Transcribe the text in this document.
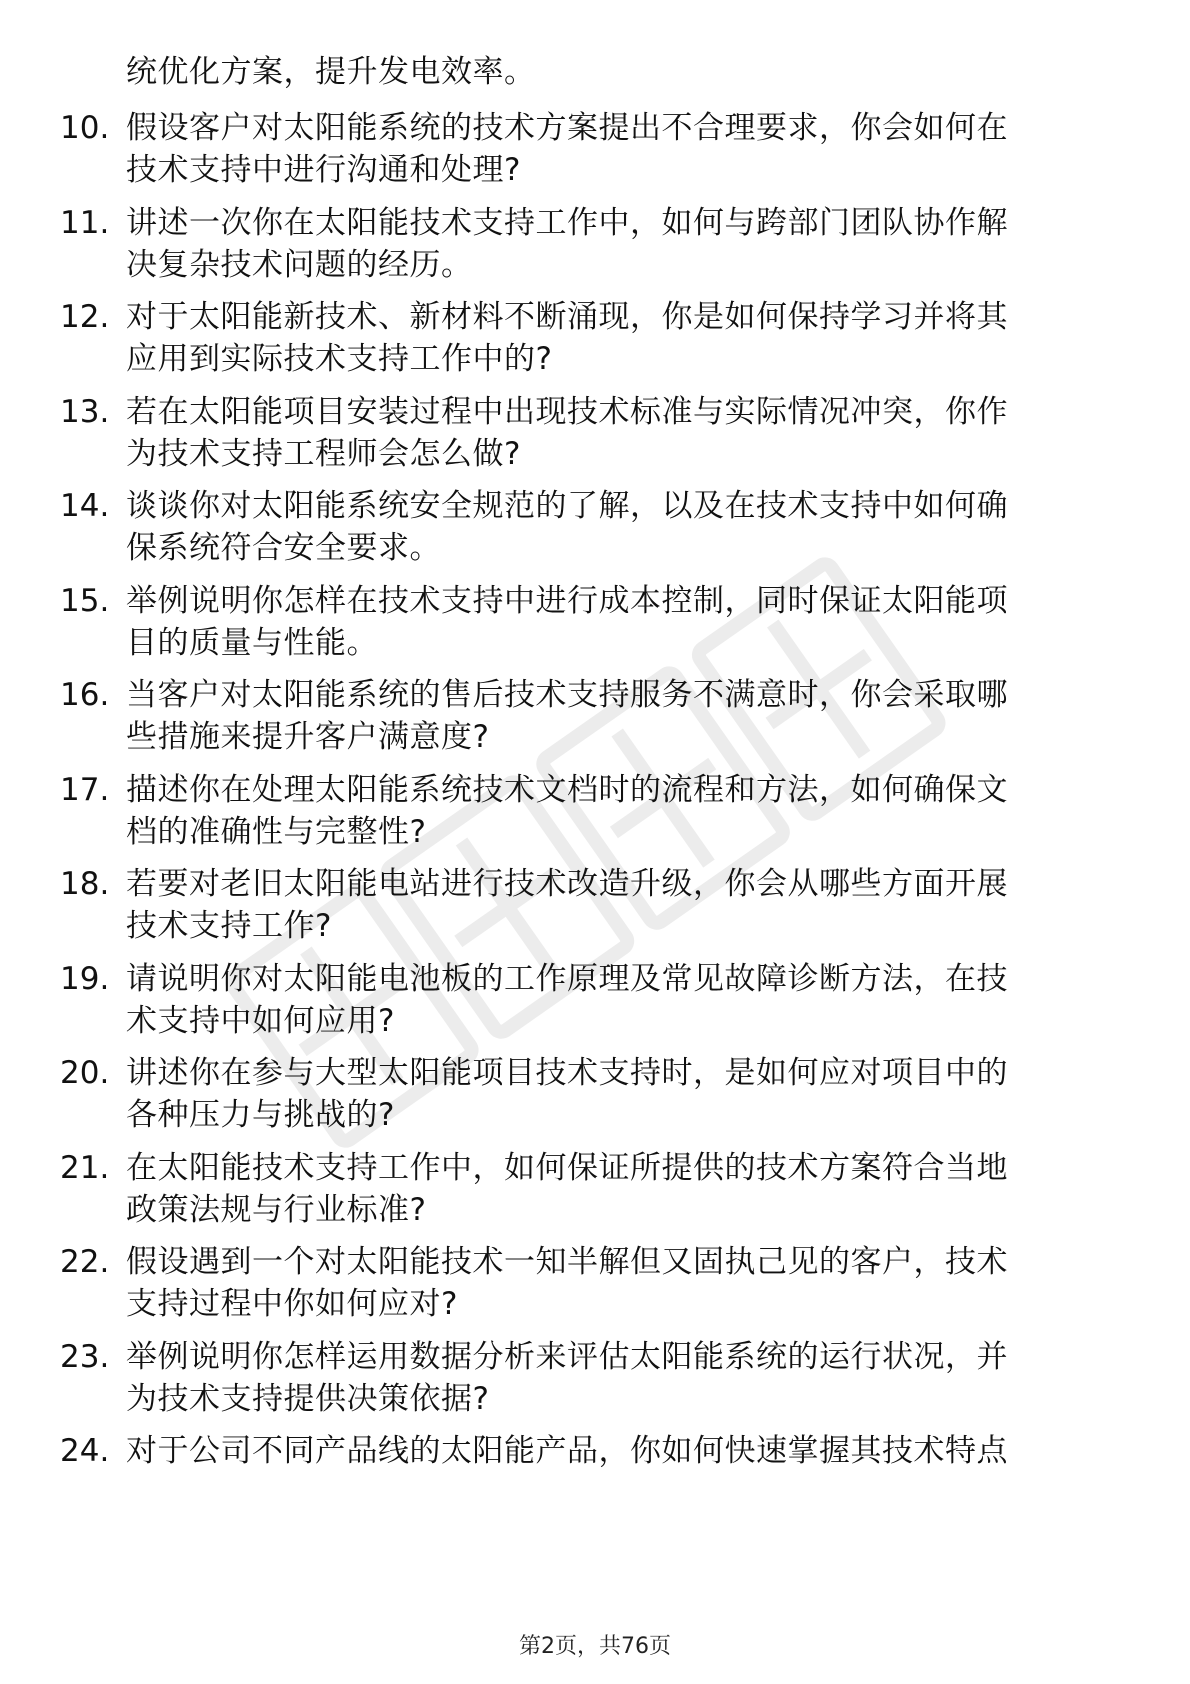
统优化方案，提升发电效率。
10. 假设客户对太阳能系统的技术方案提出不合理要求，你会如何在
技术支持中进行沟通和处理?
11. 讲述一次你在太阳能技术支持工作中，如何与跨部门团队协作解
决复杂技术问题的经历。
12. 对于太阳能新技术、新材料不断涌现，你是如何保持学习并将其
应用到实际技术支持工作中的?
13. 若在太阳能项目安装过程中出现技术标准与实际情况冲突，你作
为技术支持工程师会怎么做?
14. 谈谈你对太阳能系统安全规范的了解，以及在技术支持中如何确
保系统符合安全要求。
15. 举例说明你怎样在技术支持中进行成本控制，同时保证太阳能项
目的质量与性能。
16. 当客户对太阳能系统的售后技术支持服务不满意时，你会采取哪
些措施来提升客户满意度?
17. 描述你在处理太阳能系统技术文档时的流程和方法，如何确保文
档的准确性与完整性?
18. 若要对老旧太阳能电站进行技术改造升级，你会从哪些方面开展
技术支持工作?
19. 请说明你对太阳能电池板的工作原理及常见故障诊断方法，在技
术支持中如何应用?
20. 讲述你在参与大型太阳能项目技术支持时，是如何应对项目中的
各种压力与挑战的?
21. 在太阳能技术支持工作中，如何保证所提供的技术方案符合当地
政策法规与行业标准?
22. 假设遇到一个对太阳能技术一知半解但又固执己见的客户，技术
支持过程中你如何应对?
23. 举例说明你怎样运用数据分析来评估太阳能系统的运行状况，并
为技术支持提供决策依据?
24. 对于公司不同产品线的太阳能产品，你如何快速掌握其技术特点
第2页，共76页
